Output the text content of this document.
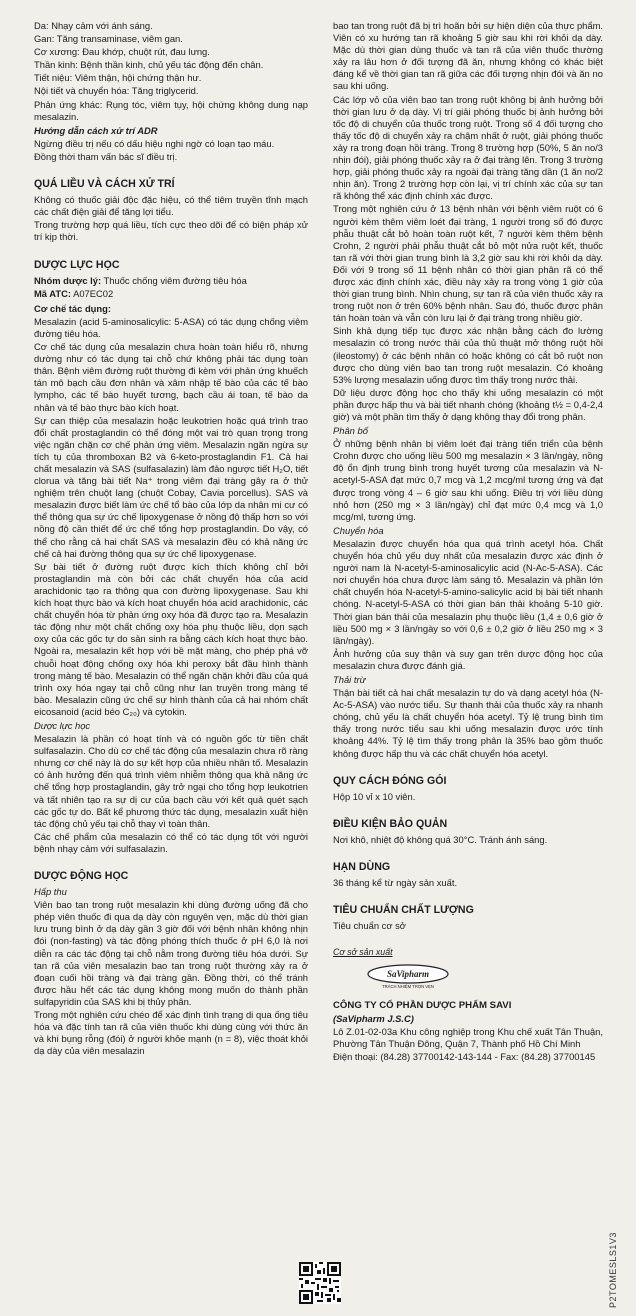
Da: Nhạy cảm với ánh sáng.

Gan: Tăng transaminase, viêm gan.

Cơ xương: Đau khớp, chuột rút, đau lưng.

Thần kinh: Bệnh thần kinh, chủ yếu tác động đến chân.

Tiết niệu: Viêm thận, hội chứng thận hư.

Nội tiết và chuyển hóa: Tăng triglycerid.

Phản ứng khác: Rụng tóc, viêm tụy, hội chứng không dung nạp mesalazin.

Hướng dẫn cách xử trí ADR

Ngừng điều trị nếu có dấu hiệu nghi ngờ có loạn tạo máu.

Đồng thời tham vấn bác sĩ điều trị.

QUÁ LIỀU VÀ CÁCH XỬ TRÍ

Không có thuốc giải độc đặc hiệu, có thể tiêm truyền tĩnh mạch các chất điện giải để tăng lợi tiểu.

Trong trường hợp quá liều, tích cực theo dõi để có biện pháp xử trí kịp thời.

DƯỢC LỰC HỌC

Nhóm dược lý: Thuốc chống viêm đường tiêu hóa

Mã ATC: A07EC02

Cơ chế tác dụng:

Mesalazin (acid 5-aminosalicylic: 5-ASA) có tác dụng chống viêm đường tiêu hóa.

Cơ chế tác dụng của mesalazin chưa hoàn toàn hiểu rõ, nhưng dường như có tác dụng tại chỗ chứ không phải tác dụng toàn thân. Bệnh viêm đường ruột thường đi kèm với phản ứng khuếch tán mô bạch cầu đơn nhân và xâm nhập tế bào của các tế bào lympho, các tế bào huyết tương, bạch cầu ái toan, tế bào da nhân và tế bào thực bào kích hoạt.

Sự can thiệp của mesalazin hoặc leukotrien hoặc quá trình trao đổi chất prostaglandin có thể đóng một vai trò quan trọng trong việc ngăn chặn cơ chế phản ứng viêm. Mesalazin ngăn ngừa sự tích tụ của thromboxan B2 và 6-keto-prostaglandin F1. Cả hai chất mesalazin và SAS (sulfasalazin) làm đảo ngược tiết H₂O, tiết clorua và tăng bài tiết Na⁺ trong viêm đại tràng gây ra ở thử nghiệm trên chuột lang (chuột Cobay, Cavia porcellus). SAS và mesalazin được biết làm ức chế tổ bào của lớp da nhân mi cư có thể thông qua sự ức chế lipoxygenase ở nồng độ thấp hơn so với nồng độ cần thiết để ức chế tổng hợp prostaglandin. Do vậy, có thể cho rằng cả hai chất SAS và mesalazin đều có khả năng ức chế cả hai đường thông qua sự ức chế lipoxygenase.

Sự bài tiết ở đường ruột được kích thích không chỉ bởi prostaglandin mà còn bởi các chất chuyển hóa của acid arachidonic tạo ra thông qua con đường lipoxygenase. Sau khi kích hoạt thực bào và kích hoạt chuyển hóa acid arachidonic, các chất chuyển hóa từ phản ứng oxy hóa đã được tạo ra. Mesalazin tác động như một chất chống oxy hóa phụ thuộc liều, dọn sạch oxy của các gốc tự do sản sinh ra bằng cách kích hoạt thực bào. Ngoài ra, mesalazin kết hợp với bề mặt màng, cho phép phá vỡ chuỗi hoạt động chống oxy hóa khi peroxy bắt đầu hình thành trong màng tế bào. Mesalazin có thể ngăn chặn khởi đầu của quá trình oxy hóa ngay tại chỗ cũng như lan truyền trong màng tế bào. Mesalazin cũng ức chế sự hình thành của cả hai nhóm chất eicosanoid (acid béo C₂₀) và cytokin.

Dược lực học

Mesalazin là phần có hoạt tính và có nguồn gốc từ tiền chất sulfasalazin. Cho dù cơ chế tác động của mesalazin chưa rõ ràng nhưng cơ chế này là do sự kết hợp của nhiều nhân tố. Mesalazin có ảnh hưởng đến quá trình viêm nhiễm thông qua khả năng ức chế tổng hợp prostaglandin, gây trở ngại cho tổng hợp leukotrien và tất nhiên tạo ra sự dị cư của bạch cầu với kết quả quét sạch các gốc tự do. Bất kể phương thức tác dụng, mesalazin xuất hiện tác động chủ yếu tại chỗ thay vì toàn thân.

Các chế phẩm của mesalazin có thể có tác dụng tốt với người bệnh nhạy cảm với sulfasalazin.

DƯỢC ĐỘNG HỌC
Hấp thu

Viên bao tan trong ruột mesalazin khi dùng đường uống đã cho phép viên thuốc đi qua dạ dày còn nguyên vẹn, mặc dù thời gian lưu trung bình ở dạ dày gần 3 giờ đối với bệnh nhân không nhịn đói (non-fasting) và tác động phóng thích thuốc ở pH 6,0 là nơi diễn ra các tác động tại chỗ nằm trong đường tiêu hóa dưới. Sự tan rã của viên mesalazin bao tan trong ruột thường xảy ra ở đoạn cuối hồi tràng và đại tràng gần. Đồng thời, có thể tránh được hầu hết các tác dụng không mong muốn do thành phần sulfapyridin của SAS khi bị thủy phân.

Trong một nghiên cứu chéo để xác định tình trạng di qua ống tiêu hóa và đặc tính tan rã của viên thuốc khi dùng cùng với thức ăn và khi bụng rỗng (đói) ở người khỏe mạnh (n = 8), việc thoát khỏi dạ dày của viên mesalazin

bao tan trong ruột đã bị trì hoãn bởi sự hiện diện của thực phẩm. Viên có xu hướng tan rã khoảng 5 giờ sau khi rời khỏi dạ dày. Mặc dù thời gian dùng thuốc và tan rã của viên thuốc thường xảy ra lâu hơn ở đối tượng đã ăn, nhưng không có khác biệt đáng kể về thời gian tan rã giữa các đối tượng nhịn đói và ăn no sau khi uống.

Các lớp vỏ của viên bao tan trong ruột không bị ảnh hưởng bởi thời gian lưu ở dạ dày. Vị trí giải phóng thuốc bị ảnh hưởng bởi tốc độ di chuyển của thuốc trong ruột. Trong số 4 đối tượng cho thấy tốc độ di chuyển xảy ra chậm nhất ở ruột, giải phóng thuốc xảy ra trong đoạn hồi tràng. Trong 8 trường hợp (50%, 5 ăn no/3 nhịn đói), giải phóng thuốc xảy ra ở đại tràng lên. Trong 3 trường hợp, giải phóng thuốc xảy ra ngoài đại tràng tăng dần (1 ăn no/2 nhịn ăn). Trong 2 trường hợp còn lại, vị trí chính xác của sự tan rã không thể xác định chính xác được.

Trong một nghiên cứu ở 13 bệnh nhân với bệnh viêm ruột có 6 người kèm thêm viêm loét đại tràng, 1 người trong số đó được phẫu thuật cắt bỏ hoàn toàn ruột kết, 7 người kèm thêm bệnh Crohn, 2 người phải phẫu thuật cắt bỏ một nửa ruột kết, thuốc tan rã với thời gian trung bình là 3,2 giờ sau khi rời khỏi dạ dày. Đối với 9 trong số 11 bệnh nhân có thời gian phân rã có thể được xác định chính xác, điều này xảy ra trong vòng 1 giờ của thời gian trung bình. Nhìn chung, sự tan rã của viên thuốc xảy ra trong ruột non ở trên 60% bệnh nhân. Sau đó, thuốc được phân tán hoàn toàn và vẫn còn lưu lại ở đại tràng trong nhiều giờ.

Sinh khả dụng tiếp tục được xác nhận bằng cách đo lường mesalazin có trong nước thải của thủ thuật mở thông ruột hồi (ileostomy) ở các bệnh nhân có hoặc không có cắt bỏ ruột non được cho dùng viên bao tan trong ruột mesalazin. Có khoảng 53% lượng mesalazin uống được tìm thấy trong nước thải.

Dữ liệu dược động học cho thấy khi uống mesalazin có một phần được hấp thu và bài tiết nhanh chóng (khoảng t½ = 0,4-2,4 giờ) và một phần tìm thấy ở dạng không thay đổi trong phân.

Phân bố

Ở những bệnh nhân bị viêm loét đại tràng tiến triển của bệnh Crohn được cho uống liều 500 mg mesalazin × 3 lần/ngày, nồng độ ổn định trung bình trong huyết tương của mesalazin và N-acetyl-5-ASA đạt mức 0,7 mcg và 1,2 mcg/ml tương ứng và đạt được trong vòng 4 – 6 giờ sau khi uống. Điều trị với liều dùng nhỏ hơn (250 mg × 3 lần/ngày) chỉ đạt mức 0,4 mcg và 1,0 mcg/ml, tương ứng.

Chuyển hóa

Mesalazin được chuyển hóa qua quá trình acetyl hóa. Chất chuyển hóa chủ yếu duy nhất của mesalazin được xác định ở người nam là N-acetyl-5-aminosalicylic acid (N-Ac-5-ASA). Các nơi chuyển hóa chưa được làm sáng tỏ. Mesalazin và phần lớn chất chuyển hóa N-acetyl-5-amino-salicylic acid bị bài tiết nhanh chóng. N-acetyl-5-ASA có thời gian bán thải khoảng 5-10 giờ. Thời gian bán thải của mesalazin phụ thuộc liều (1,4 ± 0,6 giờ ở liều 500 mg × 3 lần/ngày so với 0,6 ± 0,2 giờ ở liều 250 mg × 3 lần/ngày).

Ảnh hưởng của suy thận và suy gan trên dược động học của mesalazin chưa được đánh giá.

Thải trừ

Thận bài tiết cả hai chất mesalazin tự do và dạng acetyl hóa (N-Ac-5-ASA) vào nước tiểu. Sự thanh thải của thuốc xảy ra nhanh chóng, chủ yếu là chất chuyển hóa acetyl. Tỷ lệ trung bình tìm thấy trong nước tiểu sau khi uống mesalazin được ước tính khoảng 44%. Tỷ lệ tìm thấy trong phân là 35% bao gồm thuốc không được hấp thu và các chất chuyển hóa acetyl.

QUY CÁCH ĐÓNG GÓI

Hộp 10 vỉ x 10 viên.

ĐIỀU KIỆN BẢO QUẢN

Nơi khô, nhiệt độ không quá 30°C. Tránh ánh sáng.

HẠN DÙNG

36 tháng kể từ ngày sản xuất.

TIÊU CHUẨN CHẤT LƯỢNG

Tiêu chuẩn cơ sở

Cơ sở sản xuất
SaVipharm
TRÁCH NHIỆM TRỌN VẸN

CÔNG TY CỔ PHẦN DƯỢC PHẨM SAVI

(SaVipharm J.S.C)

Lô Z.01-02-03a Khu công nghiệp trong Khu chế xuất Tân Thuận, Phường Tân Thuận Đông, Quận 7, Thành phố Hồ Chí Minh

Điện thoại: (84.28) 37700142-143-144 - Fax: (84.28) 37700145

P2TOMESLS1V3
